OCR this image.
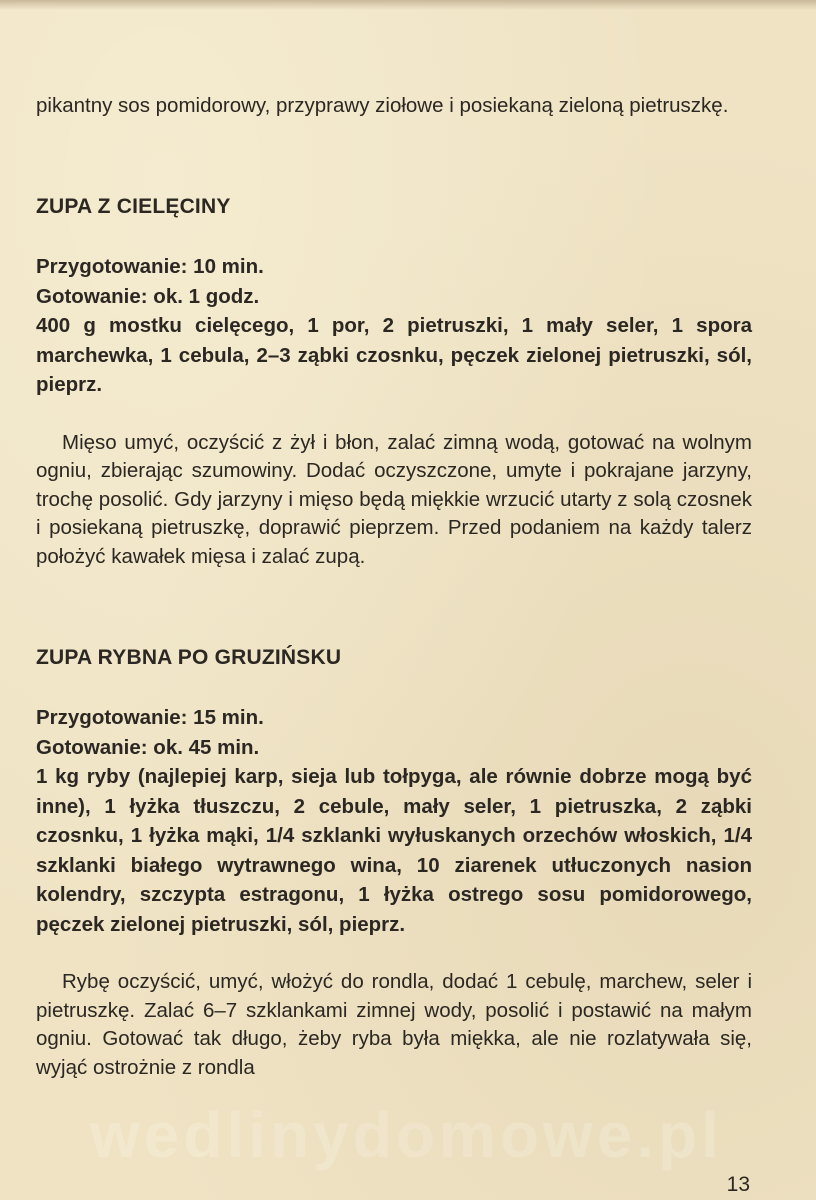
wedlinydomowe.pl

pikantny sos pomidorowy, przyprawy ziołowe i posiekaną zieloną pietruszkę.

ZUPA Z CIELĘCINY

Przygotowanie: 10 min.

Gotowanie: ok. 1 godz.

400 g mostku cielęcego, 1 por, 2 pietruszki, 1 mały seler, 1 spora marchewka, 1 cebula, 2–3 ząbki czosnku, pęczek zielonej pietruszki, sól, pieprz.

Mięso umyć, oczyścić z żył i błon, zalać zimną wodą, gotować na wolnym ogniu, zbierając szumowiny. Dodać oczyszczone, umyte i pokrajane jarzyny, trochę posolić. Gdy jarzyny i mięso będą miękkie wrzucić utarty z solą czosnek i posiekaną pietruszkę, doprawić pieprzem. Przed podaniem na każdy talerz położyć kawałek mięsa i zalać zupą.

ZUPA RYBNA PO GRUZIŃSKU

Przygotowanie: 15 min.

Gotowanie: ok. 45 min.

1 kg ryby (najlepiej karp, sieja lub tołpyga, ale równie dobrze mogą być inne), 1 łyżka tłuszczu, 2 cebule, mały seler, 1 pietruszka, 2 ząbki czosnku, 1 łyżka mąki, 1/4 szklanki wyłuskanych orzechów włoskich, 1/4 szklanki białego wytrawnego wina, 10 ziarenek utłuczonych nasion kolendry, szczypta estragonu, 1 łyżka ostrego sosu pomidorowego, pęczek zielonej pietruszki, sól, pieprz.

Rybę oczyścić, umyć, włożyć do rondla, dodać 1 cebulę, marchew, seler i pietruszkę. Zalać 6–7 szklankami zimnej wody, posolić i postawić na małym ogniu. Gotować tak długo, żeby ryba była miękka, ale nie rozlatywała się, wyjąć ostrożnie z rondla

13
